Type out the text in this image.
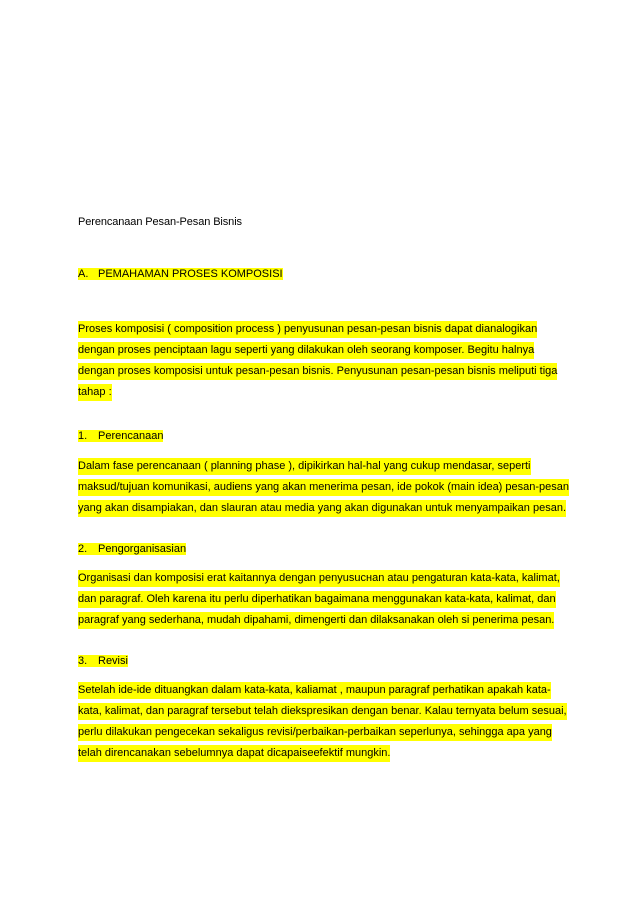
Perencanaan Pesan-Pesan Bisnis
A. PEMAHAMAN PROSES KOMPOSISI

Proses komposisi ( composition process ) penyusunan pesan-pesan bisnis dapat dianalogikan dengan proses penciptaan lagu seperti yang dilakukan oleh seorang komposer. Begitu halnya dengan proses komposisi untuk pesan-pesan bisnis. Penyusunan pesan-pesan bisnis meliputi tiga tahap :

1. Perencanaan

Dalam fase perencanaan ( planning phase ), dipikirkan hal-hal yang cukup mendasar, seperti maksud/tujuan komunikasi, audiens yang akan menerima pesan, ide pokok (main idea) pesan-pesan yang akan disampiakan, dan slauran atau media yang akan digunakan untuk menyampaikan pesan.

2. Pengorganisasian

Organisasi dan komposisi erat kaitannya dengan penyusuснan atau pengaturan kata-kata, kalimat, dan paragraf. Oleh karena itu perlu diperhatikan bagaimana menggunakan kata-kata, kalimat, dan paragraf yang sederhana, mudah dipahami, dimengerti dan dilaksanakan oleh si penerima pesan.

3. Revisi

Setelah ide-ide dituangkan dalam kata-kata, kaliamat , maupun paragraf perhatikan apakah kata-kata, kalimat, dan paragraf tersebut telah diekspresikan dengan benar. Kalau ternyata belum sesuai, perlu dilakukan pengecekan sekaligus revisi/perbaikan-perbaikan seperlunya, sehingga apa yang telah direncanakan sebelumnya dapat dicapaiseefektif mungkin.
